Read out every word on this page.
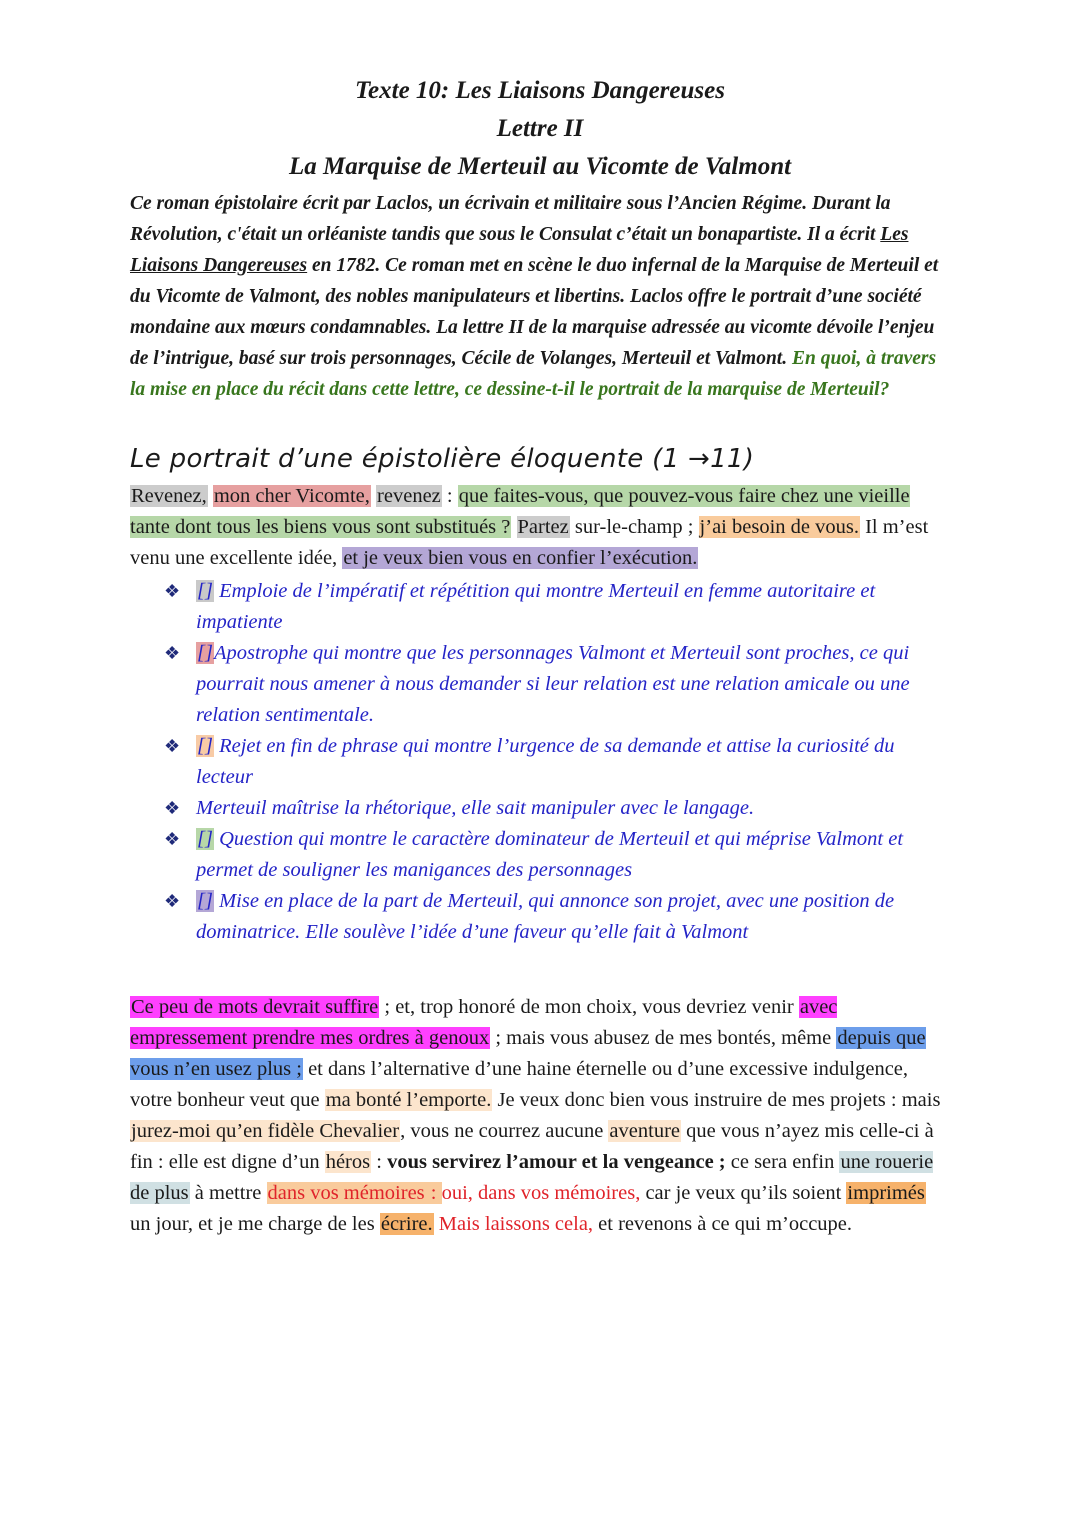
Texte 10: Les Liaisons Dangereuses
Lettre II
La Marquise de Merteuil au Vicomte de Valmont

Ce roman épistolaire écrit par Laclos, un écrivain et militaire sous l’Ancien Régime. Durant la Révolution, c'était un orléaniste tandis que sous le Consulat c’était un bonapartiste. Il a écrit Les Liaisons Dangereuses en 1782. Ce roman met en scène le duo infernal de la Marquise de Merteuil et du Vicomte de Valmont, des nobles manipulateurs et libertins. Laclos offre le portrait d’une société mondaine aux mœurs condamnables. La lettre II de la marquise adressée au vicomte dévoile l’enjeu de l’intrigue, basé sur trois personnages, Cécile de Volanges, Merteuil et Valmont. En quoi, à travers la mise en place du récit dans cette lettre, ce dessine-t-il le portrait de la marquise de Merteuil?

Le portrait d’une épistolière éloquente (1 →11)

Revenez, mon cher Vicomte, revenez : que faites-vous, que pouvez-vous faire chez une vieille tante dont tous les biens vous sont substitués ? Partez sur-le-champ ; j’ai besoin de vous. Il m’est venu une excellente idée, et je veux bien vous en confier l’exécution.

❖ [] Emploie de l’impératif et répétition qui montre Merteuil en femme autoritaire et impatiente
❖ []Apostrophe qui montre que les personnages Valmont et Merteuil sont proches, ce qui pourrait nous amener à nous demander si leur relation est une relation amicale ou une relation sentimentale.
❖ [] Rejet en fin de phrase qui montre l’urgence de sa demande et attise la curiosité du lecteur
❖ Merteuil maîtrise la rhétorique, elle sait manipuler avec le langage.
❖ [] Question qui montre le caractère dominateur de Merteuil et qui méprise Valmont et permet de souligner les manigances des personnages
❖ [] Mise en place de la part de Merteuil, qui annonce son projet, avec une position de dominatrice. Elle soulève l’idée d’une faveur qu’elle fait à Valmont

Ce peu de mots devrait suffire ; et, trop honoré de mon choix, vous devriez venir avec empressement prendre mes ordres à genoux ; mais vous abusez de mes bontés, même depuis que vous n’en usez plus ; et dans l’alternative d’une haine éternelle ou d’une excessive indulgence, votre bonheur veut que ma bonté l’emporte. Je veux donc bien vous instruire de mes projets : mais jurez-moi qu’en fidèle Chevalier, vous ne courrez aucune aventure que vous n’ayez mis celle-ci à fin : elle est digne d’un héros : vous servirez l’amour et la vengeance ; ce sera enfin une rouerie de plus à mettre dans vos mémoires : oui, dans vos mémoires, car je veux qu’ils soient imprimés un jour, et je me charge de les écrire. Mais laissons cela, et revenons à ce qui m’occupe.
